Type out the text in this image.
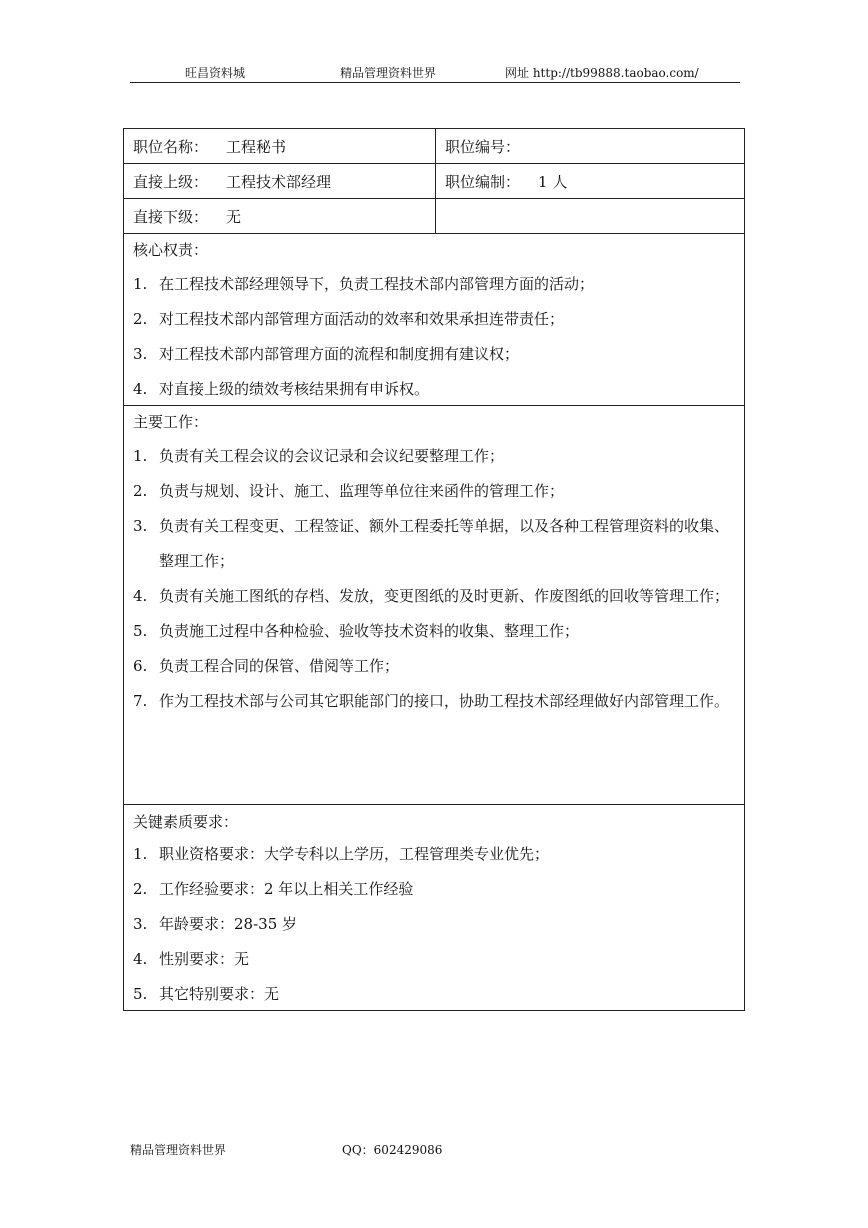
旺昌资料城	精品管理资料世界	网址 http://tb99888.taobao.com/
职位名称： 工程秘书	职位编号：
直接上级： 工程技术部经理	职位编制： 1 人
直接下级： 无
核心权责：
1. 在工程技术部经理领导下，负责工程技术部内部管理方面的活动；
2. 对工程技术部内部管理方面活动的效率和效果承担连带责任；
3. 对工程技术部内部管理方面的流程和制度拥有建议权；
4. 对直接上级的绩效考核结果拥有申诉权。
主要工作：
1. 负责有关工程会议的会议记录和会议纪要整理工作；
2. 负责与规划、设计、施工、监理等单位往来函件的管理工作；
3. 负责有关工程变更、工程签证、额外工程委托等单据，以及各种工程管理资料的收集、整理工作；
4. 负责有关施工图纸的存档、发放，变更图纸的及时更新、作废图纸的回收等管理工作；
5. 负责施工过程中各种检验、验收等技术资料的收集、整理工作；
6. 负责工程合同的保管、借阅等工作；
7. 作为工程技术部与公司其它职能部门的接口，协助工程技术部经理做好内部管理工作。
关键素质要求：
1. 职业资格要求：大学专科以上学历，工程管理类专业优先；
2. 工作经验要求：2 年以上相关工作经验
3. 年龄要求：28-35 岁
4. 性别要求：无
5. 其它特别要求：无
精品管理资料世界	QQ：602429086
